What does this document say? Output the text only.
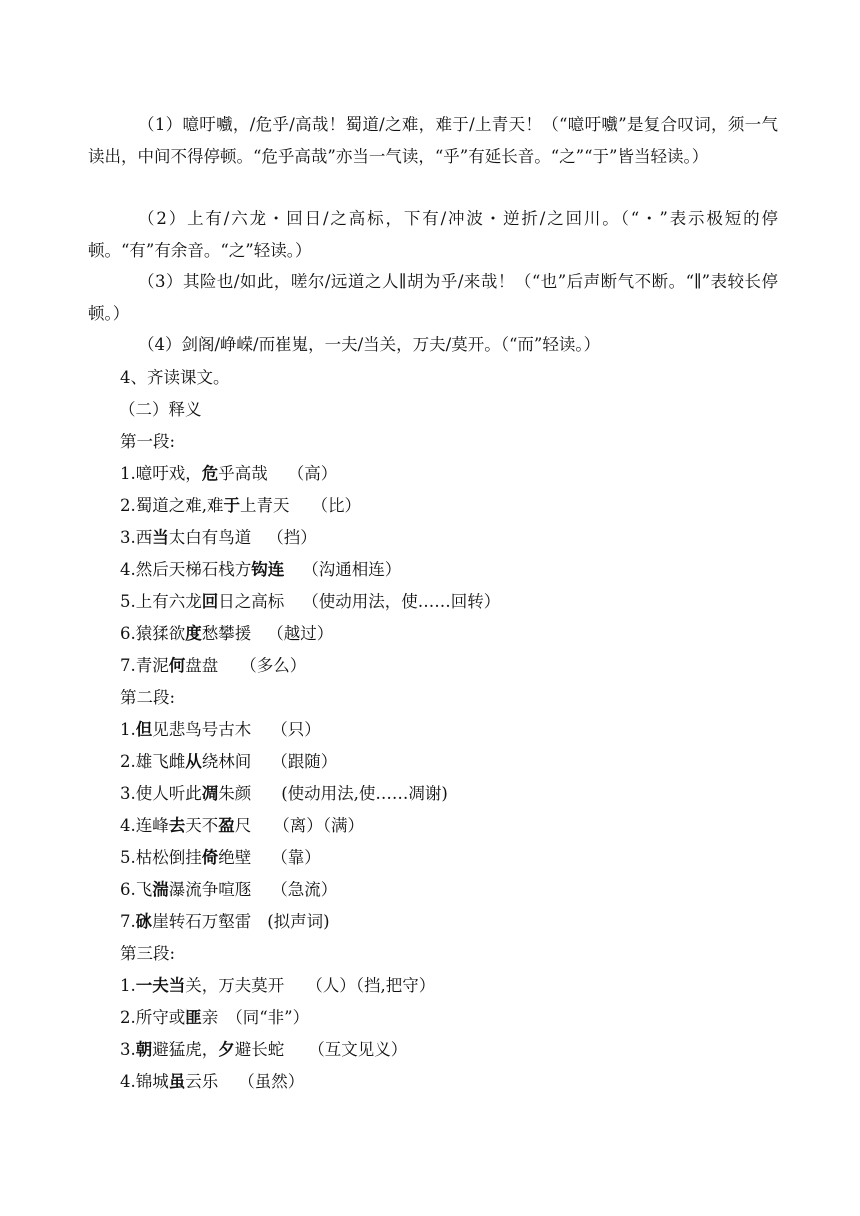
（1）噫吁嚱，/危乎/高哉！蜀道/之难，难于/上青天！（“噫吁嚱”是复合叹词，须一气读出，中间不得停顿。“危乎高哉”亦当一气读，“乎”有延长音。“之”“于”皆当轻读。）

（2）上有/六龙・回日/之高标，下有/冲波・逆折/之回川。（“・”表示极短的停顿。“有”有余音。“之”轻读。）

（3）其险也/如此，嗟尔/远道之人∥胡为乎/来哉！（“也”后声断气不断。“∥”表较长停顿。）

（4）剑阁/峥嵘/而崔嵬，一夫/当关，万夫/莫开。（“而”轻读。）

4、齐读课文。
（二）释义
第一段:
1.噫吁戏，危乎高哉 （高）
2.蜀道之难,难于上青天 （比）
3.西当太白有鸟道 （挡）
4.然后天梯石栈方钩连 （沟通相连）
5.上有六龙回日之高标 （使动用法，使……回转）
6.猿猱欲度愁攀援 （越过）
7.青泥何盘盘 （多么）
第二段:
1.但见悲鸟号古木 （只）
2.雄飞雌从绕林间 （跟随）
3.使人听此凋朱颜 (使动用法,使……凋谢)
4.连峰去天不盈尺 （离）（满）
5.枯松倒挂倚绝壁 （靠）
6.飞湍瀑流争喧豗 （急流）
7.砯崖转石万壑雷 (拟声词)
第三段:
1.一夫当关，万夫莫开 （人）（挡,把守）
2.所守或匪亲 （同“非”）
3.朝避猛虎，夕避长蛇 （互文见义）
4.锦城虽云乐 （虽然）
